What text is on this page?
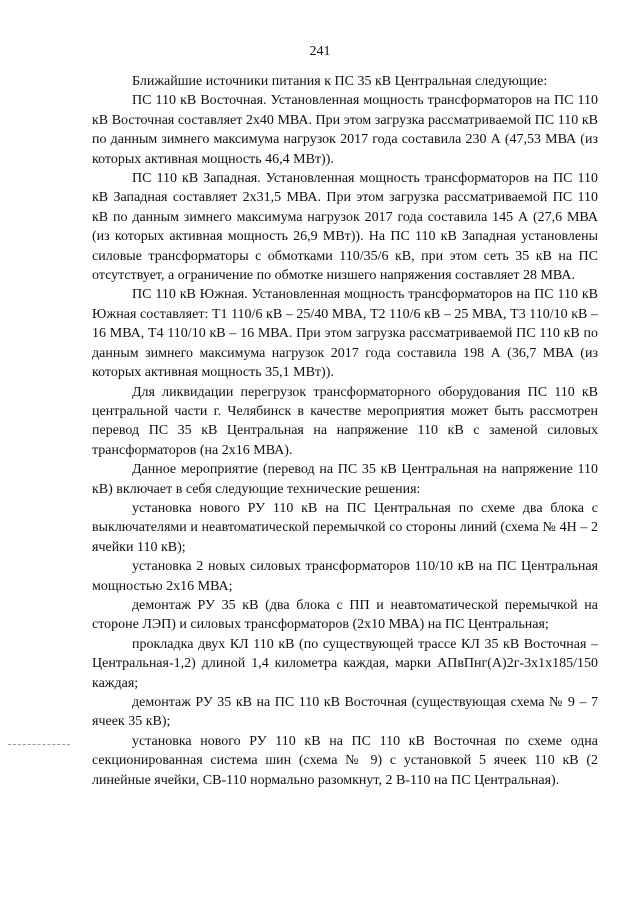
241

Ближайшие источники питания к ПС 35 кВ Центральная следующие:

ПС 110 кВ Восточная. Установленная мощность трансформаторов на ПС 110 кВ Восточная составляет 2х40 МВА. При этом загрузка рассматриваемой ПС 110 кВ по данным зимнего максимума нагрузок 2017 года составила 230 А (47,53 МВА (из которых активная мощность 46,4 МВт)).

ПС 110 кВ Западная. Установленная мощность трансформаторов на ПС 110 кВ Западная составляет 2х31,5 МВА. При этом загрузка рассматриваемой ПС 110 кВ по данным зимнего максимума нагрузок 2017 года составила 145 А (27,6 МВА (из которых активная мощность 26,9 МВт)). На ПС 110 кВ Западная установлены силовые трансформаторы с обмотками 110/35/6 кВ, при этом сеть 35 кВ на ПС отсутствует, а ограничение по обмотке низшего напряжения составляет 28 МВА.

ПС 110 кВ Южная. Установленная мощность трансформаторов на ПС 110 кВ Южная составляет: Т1 110/6 кВ – 25/40 МВА, Т2 110/6 кВ – 25 МВА, Т3 110/10 кВ – 16 МВА, Т4 110/10 кВ – 16 МВА. При этом загрузка рассматриваемой ПС 110 кВ по данным зимнего максимума нагрузок 2017 года составила 198 А (36,7 МВА (из которых активная мощность 35,1 МВт)).

Для ликвидации перегрузок трансформаторного оборудования ПС 110 кВ центральной части г. Челябинск в качестве мероприятия может быть рассмотрен перевод ПС 35 кВ Центральная на напряжение 110 кВ с заменой силовых трансформаторов (на 2х16 МВА).

Данное мероприятие (перевод на ПС 35 кВ Центральная на напряжение 110 кВ) включает в себя следующие технические решения:

установка нового РУ 110 кВ на ПС Центральная по схеме два блока с выключателями и неавтоматической перемычкой со стороны линий (схема № 4Н – 2 ячейки 110 кВ);

установка 2 новых силовых трансформаторов 110/10 кВ на ПС Центральная мощностью 2х16 МВА;

демонтаж РУ 35 кВ (два блока с ПП и неавтоматической перемычкой на стороне ЛЭП) и силовых трансформаторов (2х10 МВА) на ПС Центральная;

прокладка двух КЛ 110 кВ (по существующей трассе КЛ 35 кВ Восточная – Центральная-1,2) длиной 1,4 километра каждая, марки АПвПнг(А)2г-3х1х185/150 каждая;

демонтаж РУ 35 кВ на ПС 110 кВ Восточная (существующая схема № 9 – 7 ячеек 35 кВ);

установка нового РУ 110 кВ на ПС 110 кВ Восточная по схеме одна секционированная система шин (схема № 9) с установкой 5 ячеек 110 кВ (2 линейные ячейки, СВ-110 нормально разомкнут, 2 В-110 на ПС Центральная).
